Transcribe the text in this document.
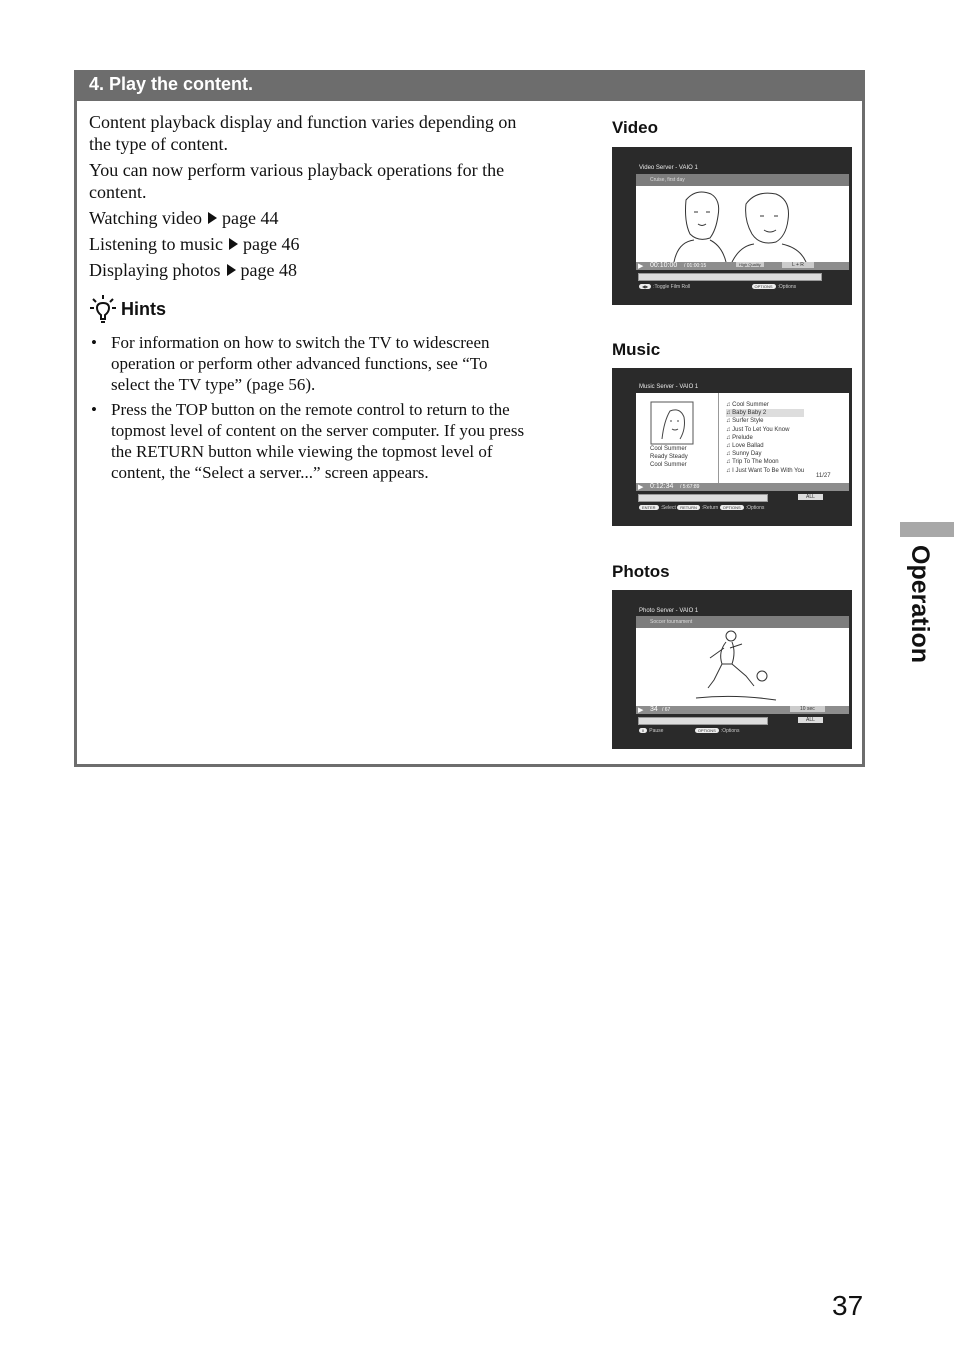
4. Play the content.

Content playback display and function varies depending on the type of content.

You can now perform various playback operations for the content.

Watching video page 44
Listening to music page 46
Displaying photos page 48
Hints
• For information on how to switch the TV to widescreen operation or perform other advanced functions, see “To select the TV type” (page 56).
• Press the TOP button on the remote control to return to the topmost level of content on the server computer. If you press the RETURN button while viewing the topmost level of content, the “Select a server...” screen appears.
Video
Video Server - VAIO 1
Cruise, first day
▶ 00:10:00 / 01:00:15	High Quality	L + R
◀▶ :Toggle Film Roll	OPTIONS :Options
Music
Music Server - VAIO 1
Cool Summer
Ready Steady
Cool Summer
♫ Cool Summer
♫ Baby Baby 2
♫ Surfer Style
♫ Just To Let You Know
♫ Prelude
♫ Love Ballad
♫ Sunny Day
♫ Trip To The Moon
♫ I Just Want To Be With You
11/27
▶ 0:12:34 / 5:67:89
ALL
ENTER :Select RETURN :Return OPTIONS :Options
Photos
Photo Server - VAIO 1
Soccer tournament
▶ 34 / 67	10 sec
ALL
II Pause	OPTIONS :Options
Operation
37
